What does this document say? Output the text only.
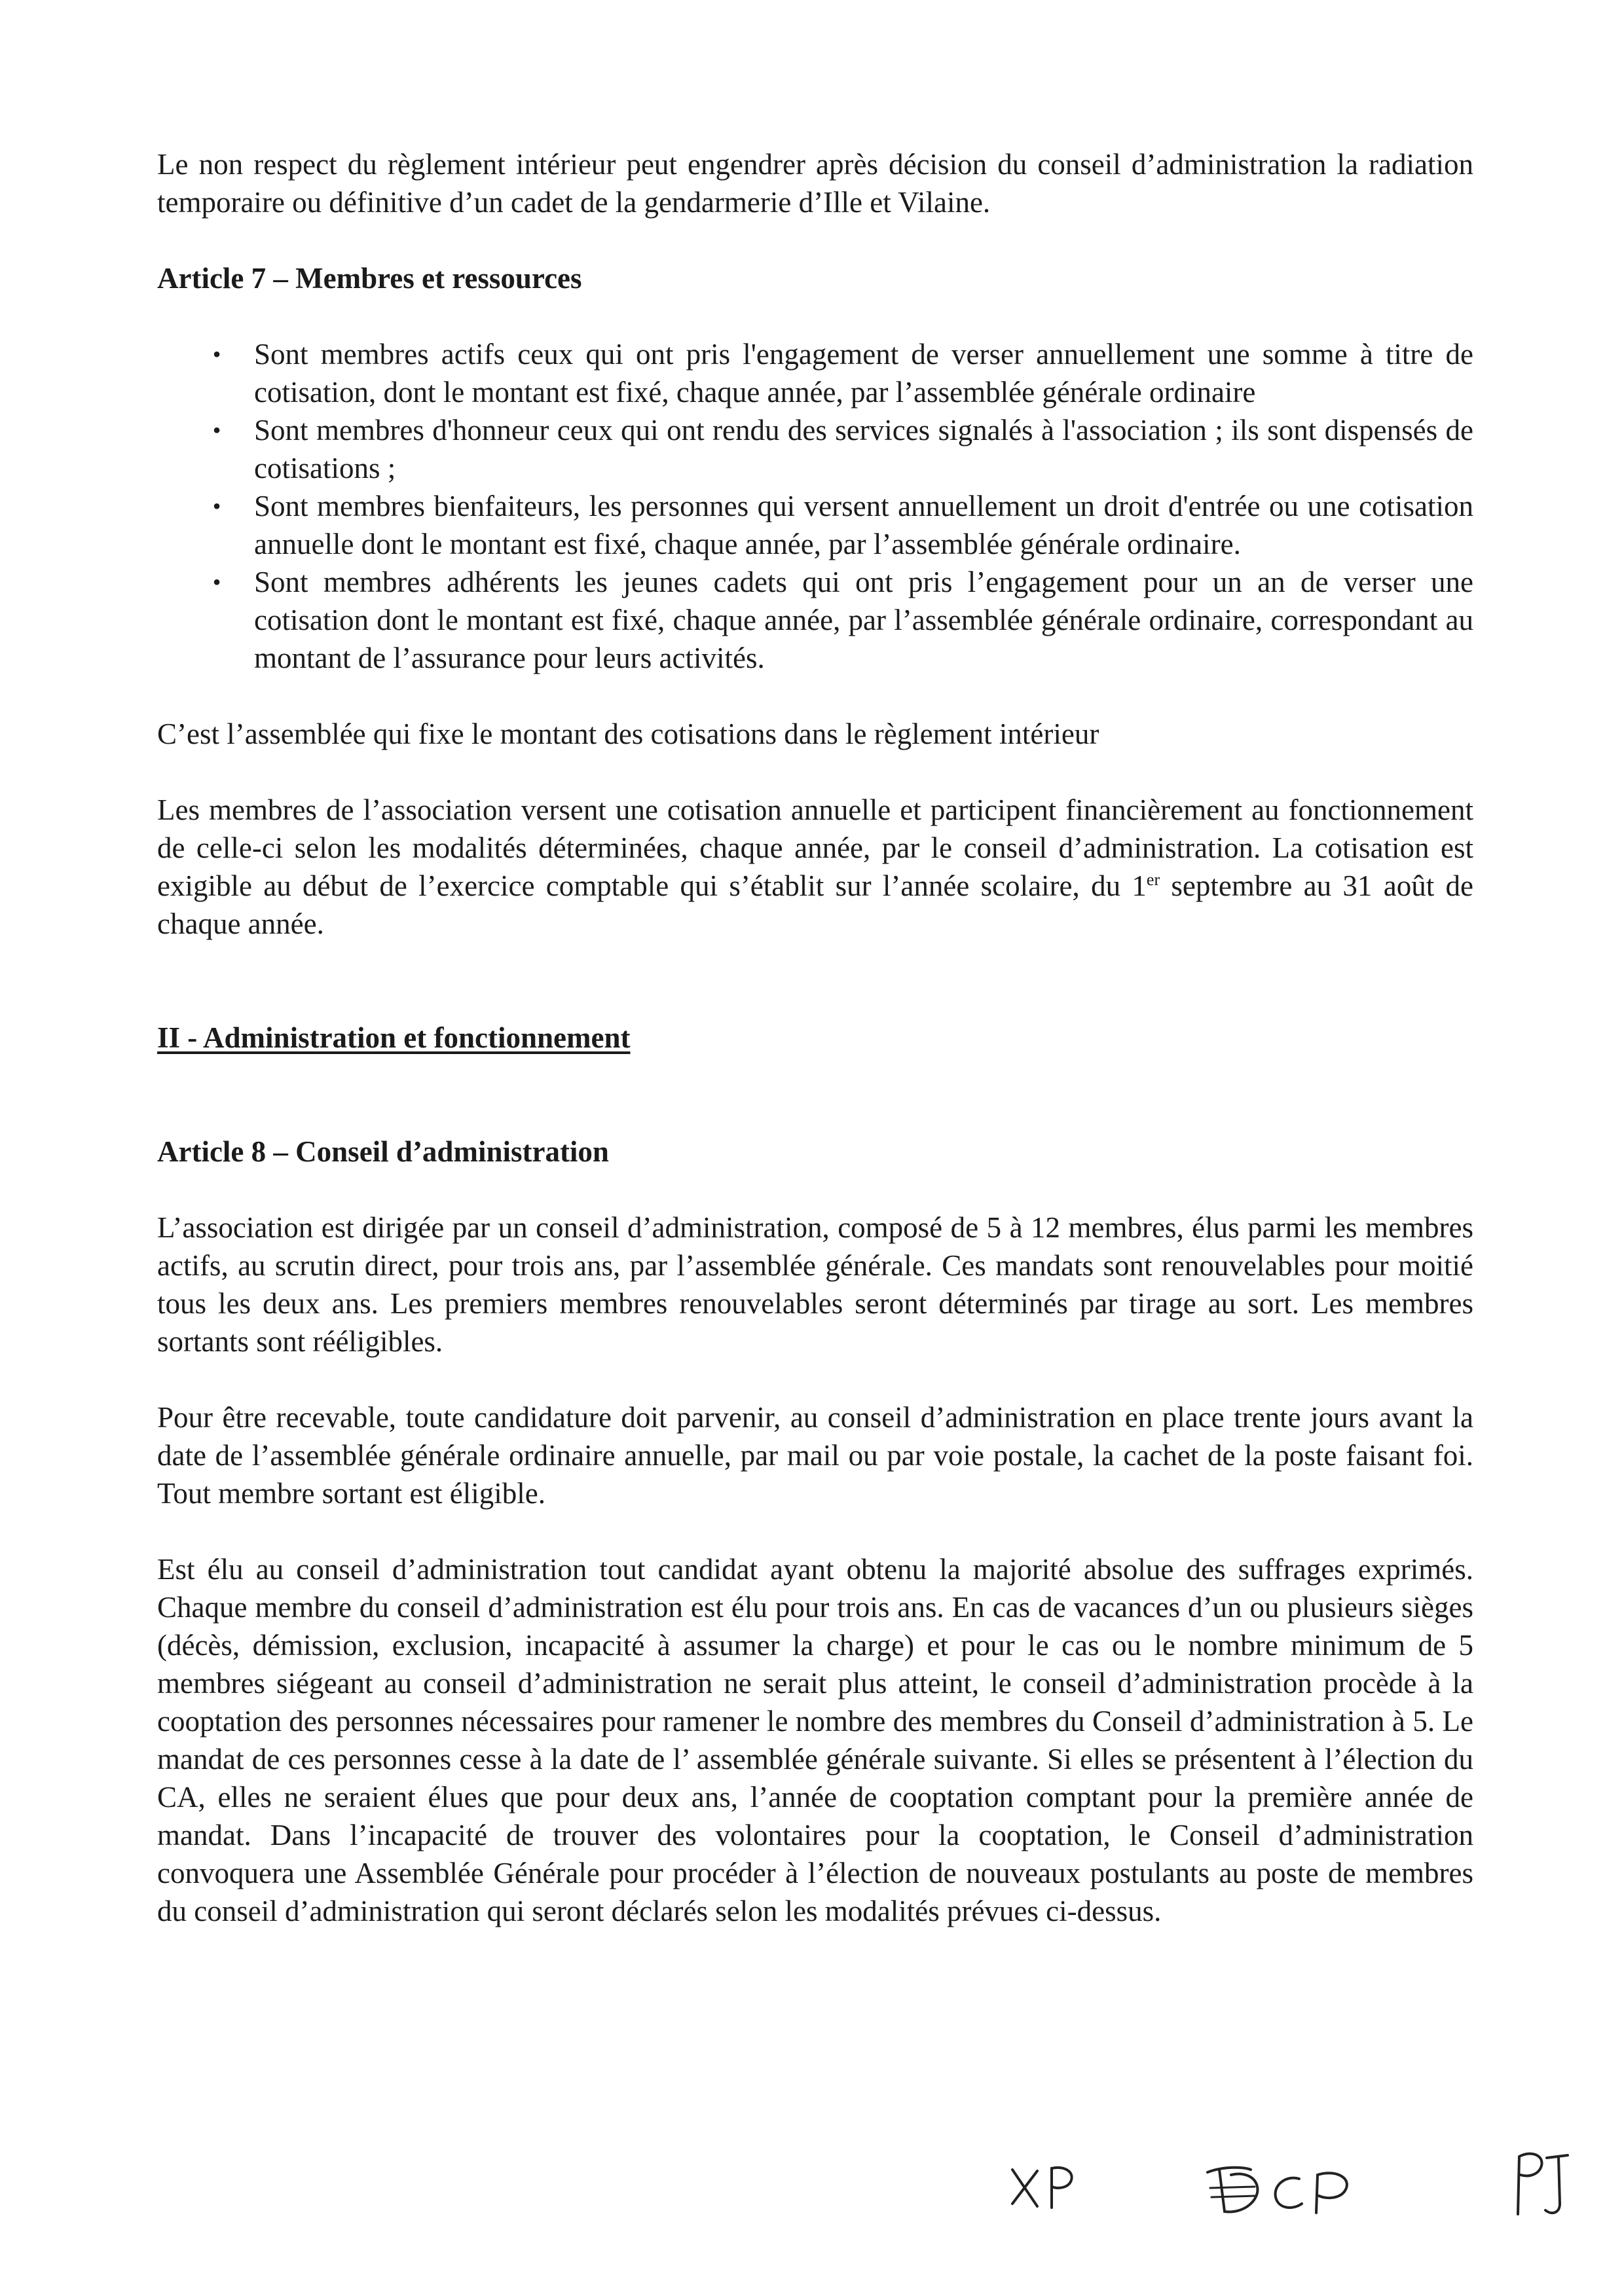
Le non respect du règlement intérieur peut engendrer après décision du conseil d’administration la radiation temporaire ou définitive d’un cadet de la gendarmerie d’Ille et Vilaine.

Article 7 – Membres et ressources

• Sont membres actifs ceux qui ont pris l'engagement de verser annuellement une somme à titre de cotisation, dont le montant est fixé, chaque année, par l’assemblée générale ordinaire
• Sont membres d'honneur ceux qui ont rendu des services signalés à l'association ; ils sont dispensés de cotisations ;
• Sont membres bienfaiteurs, les personnes qui versent annuellement un droit d'entrée ou une cotisation annuelle dont le montant est fixé, chaque année, par l’assemblée générale ordinaire.
• Sont membres adhérents les jeunes cadets qui ont pris l’engagement pour un an de verser une cotisation dont le montant est fixé, chaque année, par l’assemblée générale ordinaire, correspondant au montant de l’assurance pour leurs activités.

C’est l’assemblée qui fixe le montant des cotisations dans le règlement intérieur

Les membres de l’association versent une cotisation annuelle et participent financièrement au fonctionnement de celle-ci selon les modalités déterminées, chaque année, par le conseil d’administration. La cotisation est exigible au début de l’exercice comptable qui s’établit sur l’année scolaire, du 1er septembre au 31 août de chaque année.

II - Administration et fonctionnement

Article 8 – Conseil d’administration

L’association est dirigée par un conseil d’administration, composé de 5 à 12 membres, élus parmi les membres actifs, au scrutin direct, pour trois ans, par l’assemblée générale. Ces mandats sont renouvelables pour moitié tous les deux ans. Les premiers membres renouvelables seront déterminés par tirage au sort. Les membres sortants sont rééligibles.

Pour être recevable, toute candidature doit parvenir, au conseil d’administration en place trente jours avant la date de l’assemblée générale ordinaire annuelle, par mail ou par voie postale, la cachet de la poste faisant foi. Tout membre sortant est éligible.

Est élu au conseil d’administration tout candidat ayant obtenu la majorité absolue des suffrages exprimés. Chaque membre du conseil d’administration est élu pour trois ans. En cas de vacances d’un ou plusieurs sièges (décès, démission, exclusion, incapacité à assumer la charge) et pour le cas ou le nombre minimum de 5 membres siégeant au conseil d’administration ne serait plus atteint, le conseil d’administration procède à la cooptation des personnes nécessaires pour ramener le nombre des membres du Conseil d’administration à 5. Le mandat de ces personnes cesse à la date de l’ assemblée générale suivante. Si elles se présentent à l’élection du CA, elles ne seraient élues que pour deux ans, l’année de cooptation comptant pour la première année de mandat. Dans l’incapacité de trouver des volontaires pour la cooptation, le Conseil d’administration convoquera une Assemblée Générale pour procéder à l’élection de nouveaux postulants au poste de membres du conseil d’administration qui seront déclarés selon les modalités prévues ci-dessus.
